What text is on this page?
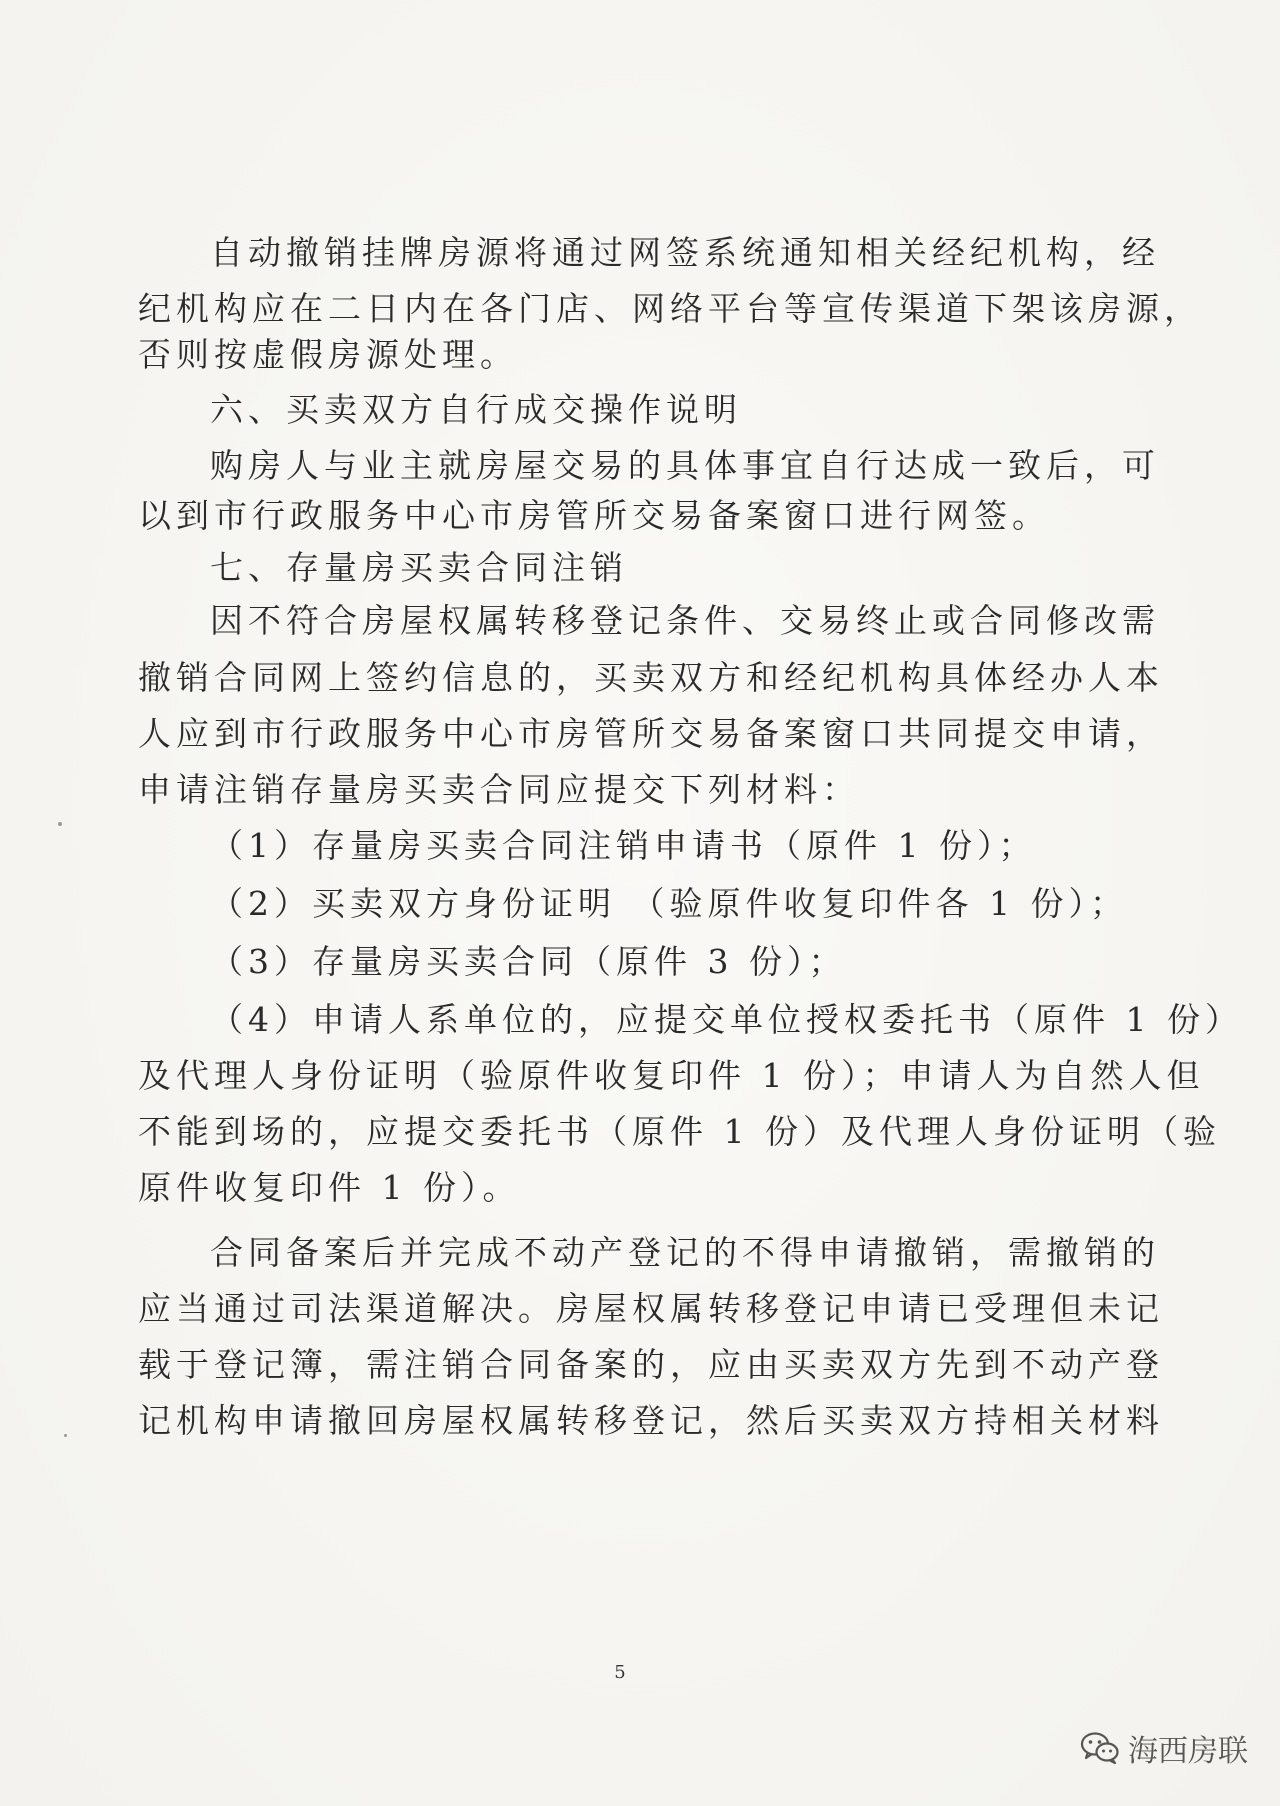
自动撤销挂牌房源将通过网签系统通知相关经纪机构，经
纪机构应在二日内在各门店、网络平台等宣传渠道下架该房源，
否则按虚假房源处理。
六、买卖双方自行成交操作说明
购房人与业主就房屋交易的具体事宜自行达成一致后，可
以到市行政服务中心市房管所交易备案窗口进行网签。
七、存量房买卖合同注销
因不符合房屋权属转移登记条件、交易终止或合同修改需
撤销合同网上签约信息的，买卖双方和经纪机构具体经办人本
人应到市行政服务中心市房管所交易备案窗口共同提交申请，
申请注销存量房买卖合同应提交下列材料：
（1）存量房买卖合同注销申请书（原件 1 份）；
（2）买卖双方身份证明 （验原件收复印件各 1 份）；
（3）存量房买卖合同（原件 3 份）；
（4）申请人系单位的，应提交单位授权委托书（原件 1 份）
及代理人身份证明（验原件收复印件 1 份）；申请人为自然人但
不能到场的，应提交委托书（原件 1 份）及代理人身份证明（验
原件收复印件 1 份）。
合同备案后并完成不动产登记的不得申请撤销，需撤销的
应当通过司法渠道解决。房屋权属转移登记申请已受理但未记
载于登记簿，需注销合同备案的，应由买卖双方先到不动产登
记机构申请撤回房屋权属转移登记，然后买卖双方持相关材料
5
海西房联
